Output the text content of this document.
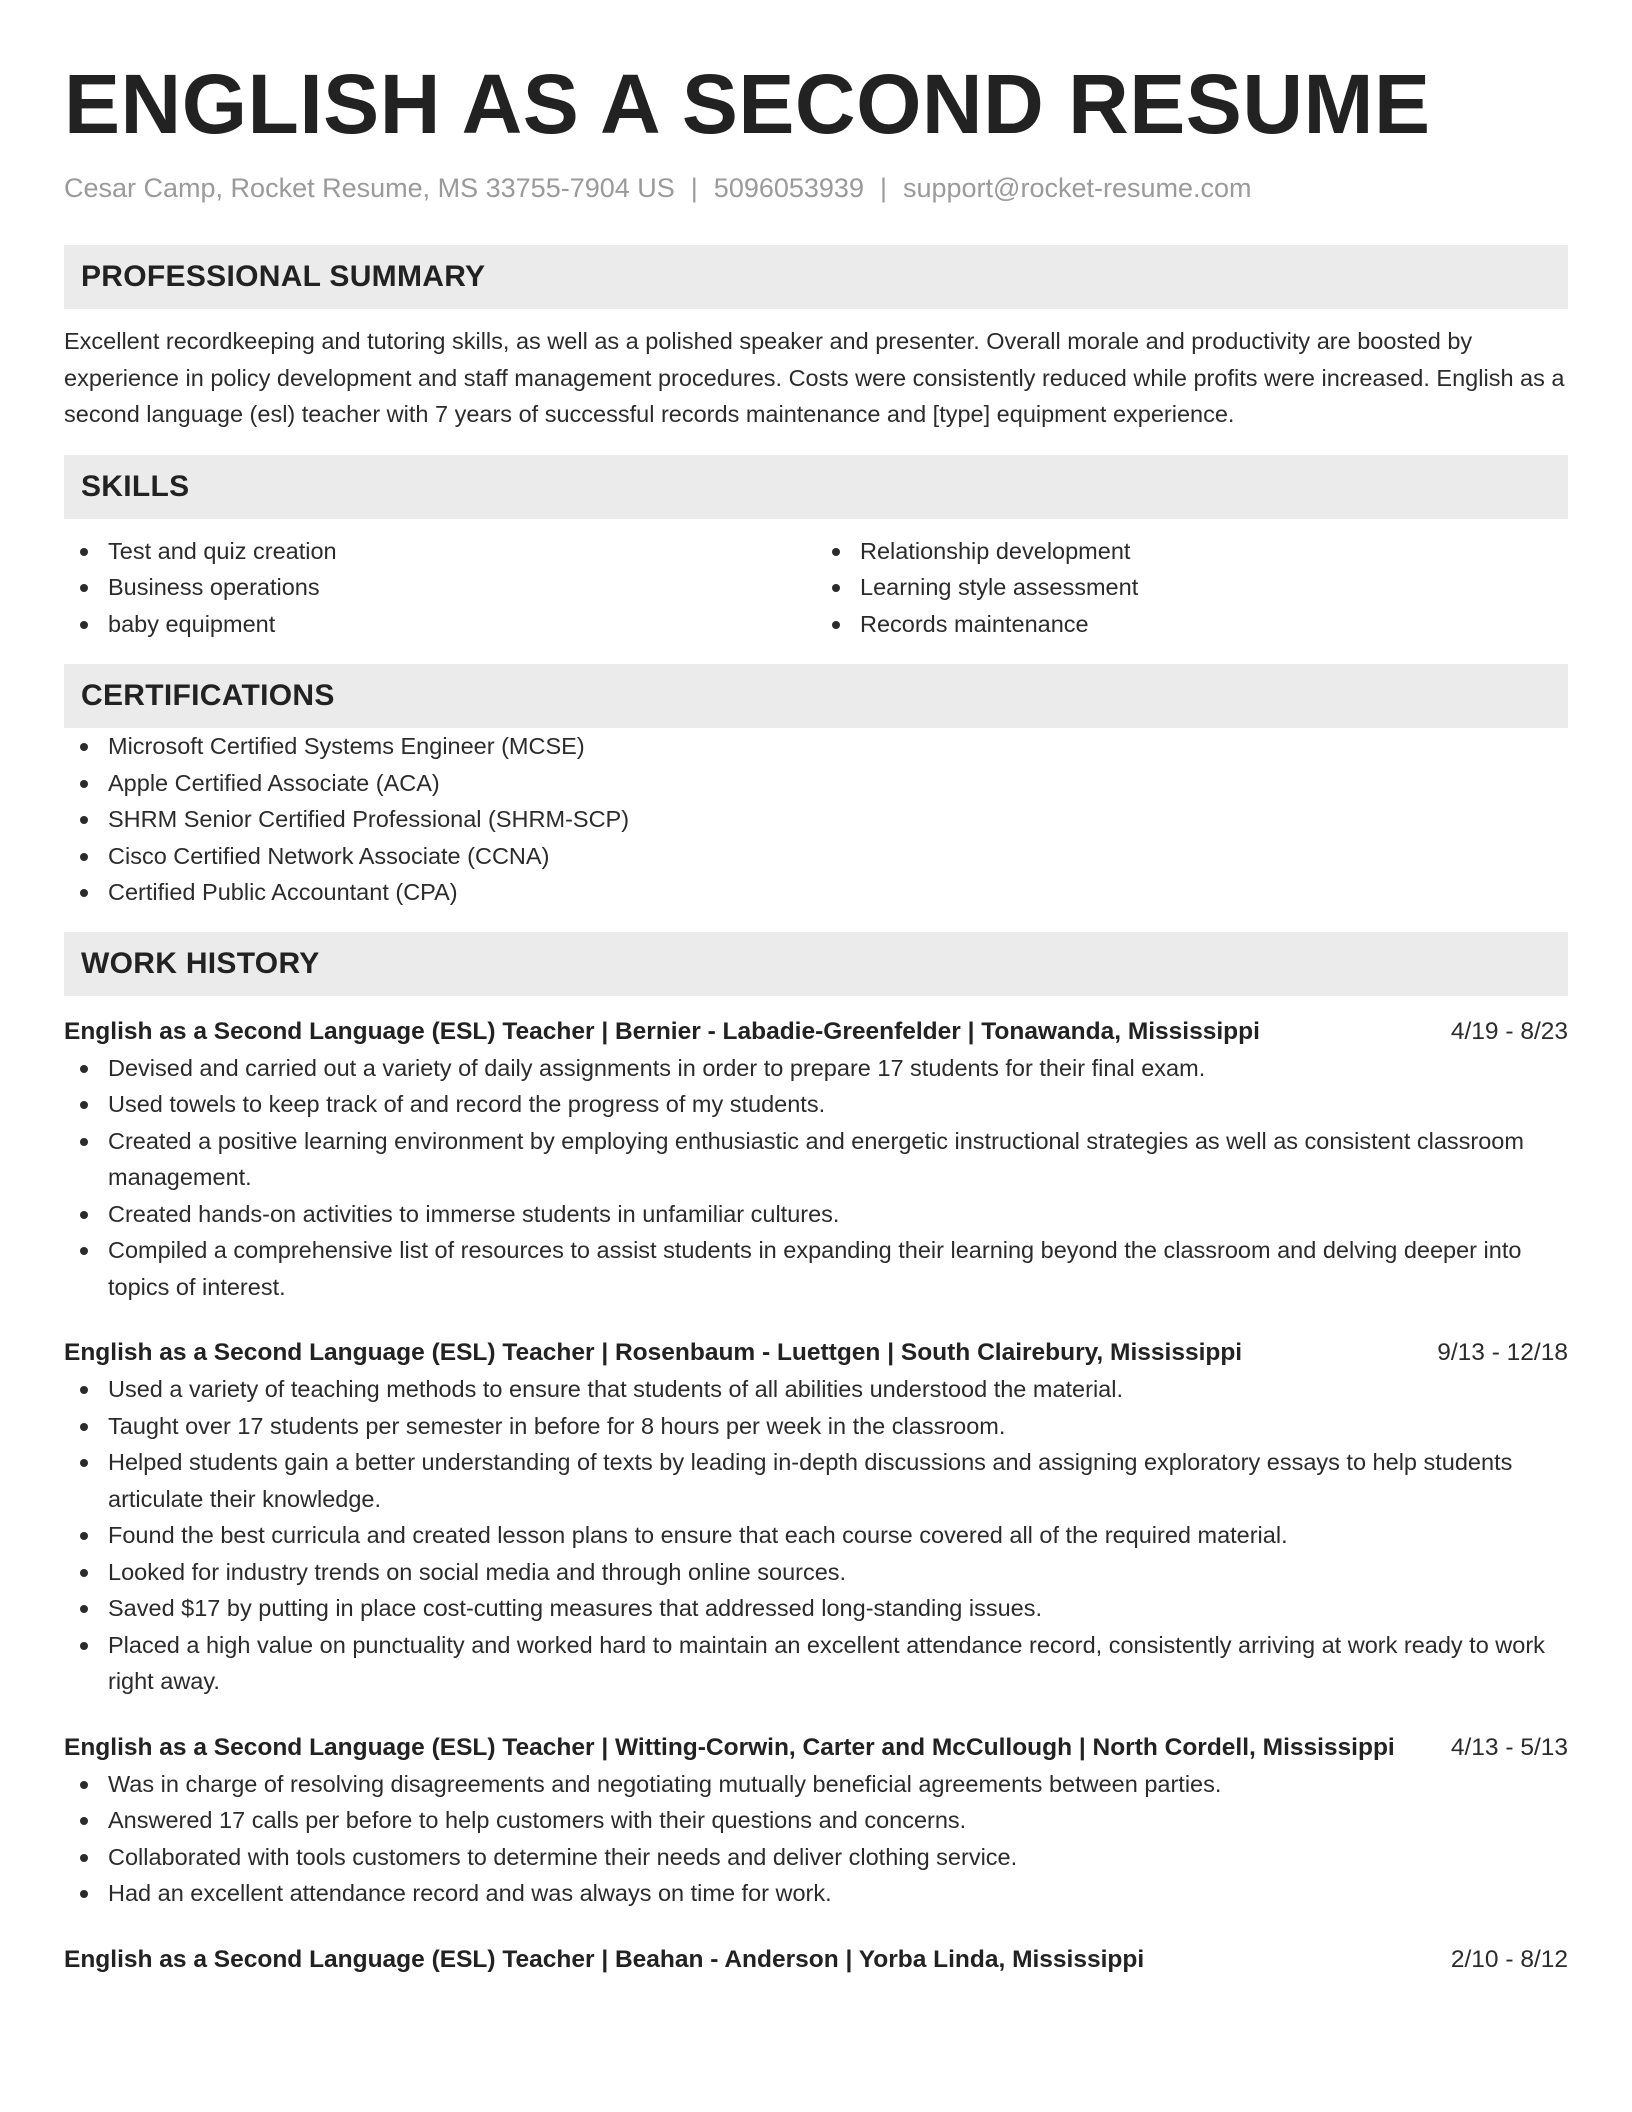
ENGLISH AS A SECOND RESUME
Cesar Camp, Rocket Resume, MS 33755-7904 US | 5096053939 | support@rocket-resume.com
PROFESSIONAL SUMMARY

Excellent recordkeeping and tutoring skills, as well as a polished speaker and presenter. Overall morale and productivity are boosted by experience in policy development and staff management procedures. Costs were consistently reduced while profits were increased. English as a second language (esl) teacher with 7 years of successful records maintenance and [type] equipment experience.

SKILLS
Test and quiz creation
Business operations
baby equipment
Relationship development
Learning style assessment
Records maintenance
CERTIFICATIONS
Microsoft Certified Systems Engineer (MCSE)
Apple Certified Associate (ACA)
SHRM Senior Certified Professional (SHRM-SCP)
Cisco Certified Network Associate (CCNA)
Certified Public Accountant (CPA)
WORK HISTORY
English as a Second Language (ESL) Teacher | Bernier - Labadie-Greenfelder | Tonawanda, Mississippi	4/19 - 8/23
Devised and carried out a variety of daily assignments in order to prepare 17 students for their final exam.
Used towels to keep track of and record the progress of my students.
Created a positive learning environment by employing enthusiastic and energetic instructional strategies as well as consistent classroom management.
Created hands-on activities to immerse students in unfamiliar cultures.
Compiled a comprehensive list of resources to assist students in expanding their learning beyond the classroom and delving deeper into topics of interest.
English as a Second Language (ESL) Teacher | Rosenbaum - Luettgen | South Clairebury, Mississippi	9/13 - 12/18
Used a variety of teaching methods to ensure that students of all abilities understood the material.
Taught over 17 students per semester in before for 8 hours per week in the classroom.
Helped students gain a better understanding of texts by leading in-depth discussions and assigning exploratory essays to help students articulate their knowledge.
Found the best curricula and created lesson plans to ensure that each course covered all of the required material.
Looked for industry trends on social media and through online sources.
Saved $17 by putting in place cost-cutting measures that addressed long-standing issues.
Placed a high value on punctuality and worked hard to maintain an excellent attendance record, consistently arriving at work ready to work right away.
English as a Second Language (ESL) Teacher | Witting-Corwin, Carter and McCullough | North Cordell, Mississippi 4/13 - 5/13
Was in charge of resolving disagreements and negotiating mutually beneficial agreements between parties.
Answered 17 calls per before to help customers with their questions and concerns.
Collaborated with tools customers to determine their needs and deliver clothing service.
Had an excellent attendance record and was always on time for work.
English as a Second Language (ESL) Teacher | Beahan - Anderson | Yorba Linda, Mississippi	2/10 - 8/12
